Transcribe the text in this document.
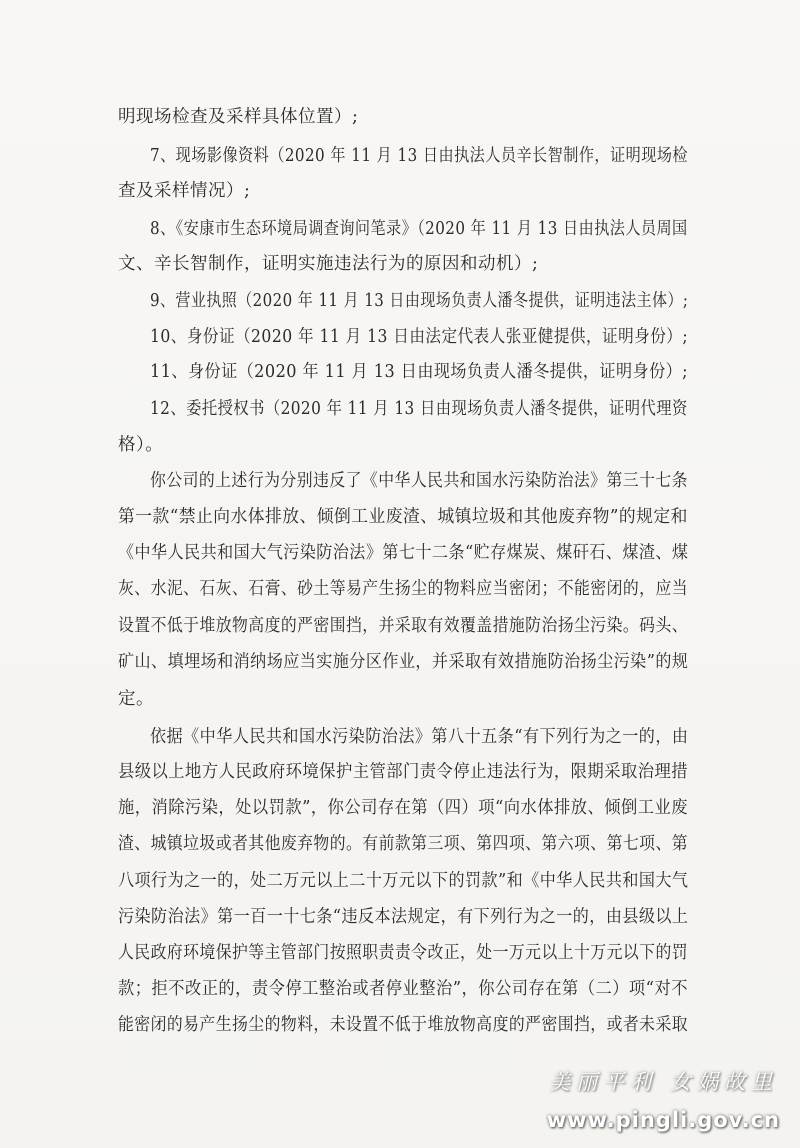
明现场检查及采样具体位置）;
7、现场影像资料（2020 年 11 月 13 日由执法人员辛长智制作，证明现场检
查及采样情况）;
8、《安康市生态环境局调查询问笔录》（2020 年 11 月 13 日由执法人员周国
文、辛长智制作，证明实施违法行为的原因和动机）;
9、营业执照（2020 年 11 月 13 日由现场负责人潘冬提供，证明违法主体）;
10、身份证（2020 年 11 月 13 日由法定代表人张亚健提供，证明身份）;
11、身份证（2020 年 11 月 13 日由现场负责人潘冬提供，证明身份）;
12、委托授权书（2020 年 11 月 13 日由现场负责人潘冬提供，证明代理资
格）。
你公司的上述行为分别违反了《中华人民共和国水污染防治法》第三十七条
第一款“禁止向水体排放、倾倒工业废渣、城镇垃圾和其他废弃物”的规定和
《中华人民共和国大气污染防治法》第七十二条“贮存煤炭、煤矸石、煤渣、煤
灰、水泥、石灰、石膏、砂土等易产生扬尘的物料应当密闭；不能密闭的，应当
设置不低于堆放物高度的严密围挡，并采取有效覆盖措施防治扬尘污染。码头、
矿山、填埋场和消纳场应当实施分区作业，并采取有效措施防治扬尘污染”的规
定。
依据《中华人民共和国水污染防治法》第八十五条“有下列行为之一的，由
县级以上地方人民政府环境保护主管部门责令停止违法行为，限期采取治理措
施，消除污染，处以罚款”，你公司存在第（四）项“向水体排放、倾倒工业废
渣、城镇垃圾或者其他废弃物的。有前款第三项、第四项、第六项、第七项、第
八项行为之一的，处二万元以上二十万元以下的罚款”和《中华人民共和国大气
污染防治法》第一百一十七条“违反本法规定，有下列行为之一的，由县级以上
人民政府环境保护等主管部门按照职责责令改正，处一万元以上十万元以下的罚
款；拒不改正的，责令停工整治或者停业整治”，你公司存在第（二）项“对不
能密闭的易产生扬尘的物料，未设置不低于堆放物高度的严密围挡，或者未采取
美丽平利 女娲故里
www.pingli.gov.cn
